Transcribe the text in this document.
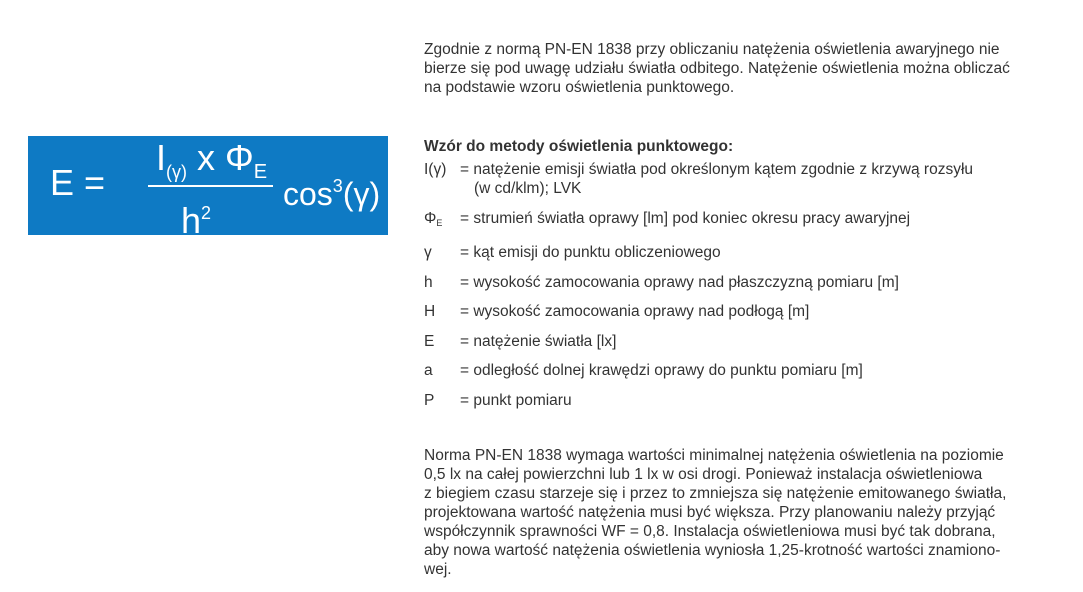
E =
$I_{(\gamma)}$ x $\Phi_E$
$h^2$
$\cos^3(\gamma)$

Zgodnie z normą PN-EN 1838 przy obliczaniu natężenia oświetlenia awaryjnego nie

bierze się pod uwagę udziału światła odbitego. Natężenie oświetlenia można obliczać

na podstawie wzoru oświetlenia punktowego.

Wzór do metody oświetlenia punktowego:
I(γ) = natężenie emisji światła pod określonym kątem zgodnie z krzywą rozsyłu
(w cd/klm); LVK
$\Phi_E$	= strumień światła oprawy [lm] pod koniec okresu pracy awaryjnej
γ	= kąt emisji do punktu obliczeniowego
h	= wysokość zamocowania oprawy nad płaszczyzną pomiaru [m]
H	= wysokość zamocowania oprawy nad podłogą [m]
E	= natężenie światła [lx]
a	= odległość dolnej krawędzi oprawy do punktu pomiaru [m]
P	= punkt pomiaru

Norma PN-EN 1838 wymaga wartości minimalnej natężenia oświetlenia na poziomie

0,5 lx na całej powierzchni lub 1 lx w osi drogi. Ponieważ instalacja oświetleniowa

z biegiem czasu starzeje się i przez to zmniejsza się natężenie emitowanego światła,

projektowana wartość natężenia musi być większa. Przy planowaniu należy przyjąć

współczynnik sprawności WF = 0,8. Instalacja oświetleniowa musi być tak dobrana,

aby nowa wartość natężenia oświetlenia wyniosła 1,25-krotność wartości znamiono-

wej.
